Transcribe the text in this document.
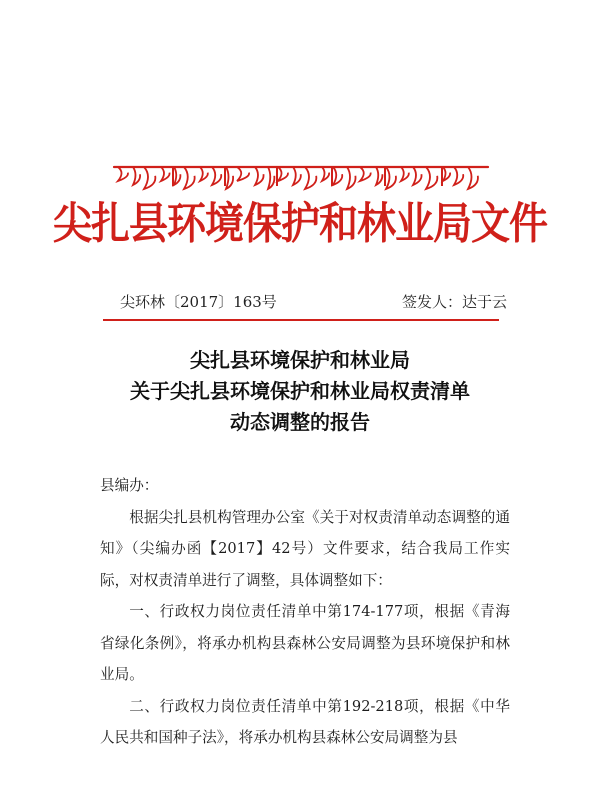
尖扎县环境保护和林业局文件
尖环林〔2017〕163号	签发人：达于云
尖扎县环境保护和林业局
关于尖扎县环境保护和林业局权责清单
动态调整的报告

县编办：

根据尖扎县机构管理办公室《关于对权责清单动态调整的通知》（尖编办函【2017】42号）文件要求，结合我局工作实际，对权责清单进行了调整，具体调整如下：

一、行政权力岗位责任清单中第174-177项，根据《青海省绿化条例》，将承办机构县森林公安局调整为县环境保护和林业局。

二、行政权力岗位责任清单中第192-218项，根据《中华人民共和国种子法》，将承办机构县森林公安局调整为县
